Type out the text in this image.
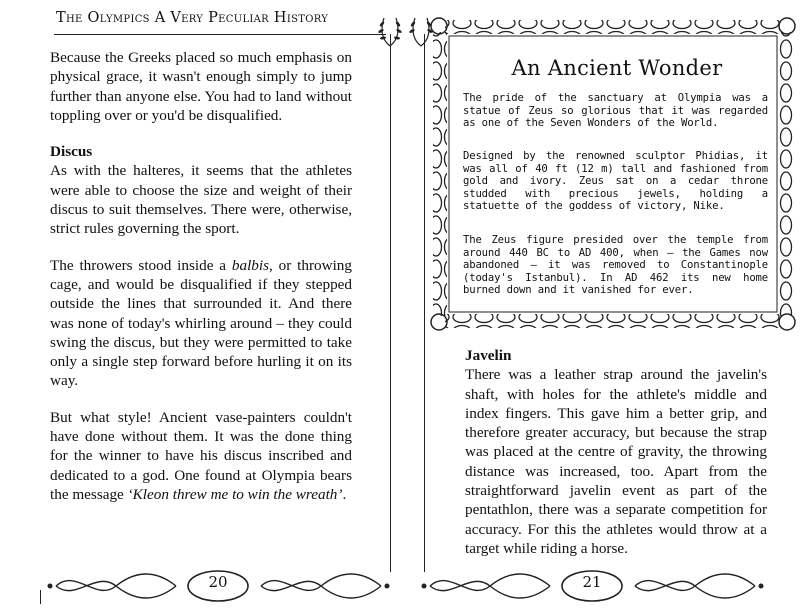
The Olympics A Very Peculiar History

Because the Greeks placed so much emphasis on physical grace, it wasn't enough simply to jump further than anyone else. You had to land without toppling over or you'd be disqualified.

Discus
As with the halteres, it seems that the athletes were able to choose the size and weight of their discus to suit themselves. There were, otherwise, strict rules governing the sport.

The throwers stood inside a balbis, or throwing cage, and would be disqualified if they stepped outside the lines that surrounded it. And there was none of today's whirling around – they could swing the discus, but they were permitted to take only a single step forward before hurling it on its way.

But what style! Ancient vase-painters couldn't have done without them. It was the done thing for the winner to have his discus inscribed and dedicated to a god. One found at Olympia bears the message ‘Kleon threw me to win the wreath’.

20
An Ancient Wonder
The pride of the sanctuary at Olympia was a statue of Zeus so glorious that it was regarded as one of the Seven Wonders of the World.
Designed by the renowned sculptor Phidias, it was all of 40 ft (12 m) tall and fashioned from gold and ivory. Zeus sat on a cedar throne studded with precious jewels, holding a statuette of the goddess of victory, Nike.
The Zeus figure presided over the temple from around 440 BC to AD 400, when – the Games now abandoned – it was removed to Constantinople (today's Istanbul). In AD 462 its new home burned down and it vanished for ever.
Javelin
There was a leather strap around the javelin's shaft, with holes for the athlete's middle and index fingers. This gave him a better grip, and therefore greater accuracy, but because the strap was placed at the centre of gravity, the throwing distance was increased, too. Apart from the straightforward javelin event as part of the pentathlon, there was a separate competition for accuracy. For this the athletes would throw at a target while riding a horse.
21
